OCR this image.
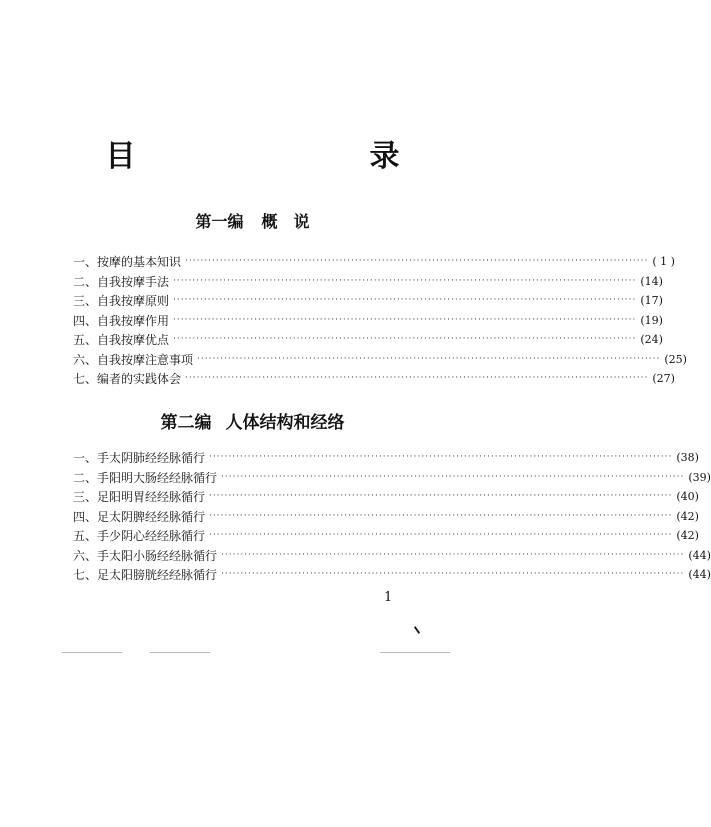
目　　录
第一编 概　说
一、按摩的基本知识 ························································································································ ( 1 )
二、自我按摩手法 ························································································································ (14)
三、自我按摩原则 ························································································································ (17)
四、自我按摩作用 ························································································································ (19)
五、自我按摩优点 ························································································································ (24)
六、自我按摩注意事项 ························································································································ (25)
七、编者的实践体会 ························································································································ (27)
第二编 人体结构和经络
一、手太阴肺经经脉循行 ························································································································ (38)
二、手阳明大肠经经脉循行 ························································································································ (39)
三、足阳明胃经经脉循行 ························································································································ (40)
四、足太阴脾经经脉循行 ························································································································ (42)
五、手少阴心经经脉循行 ························································································································ (42)
六、手太阳小肠经经脉循行 ························································································································ (44)
七、足太阳膀胱经经脉循行 ························································································································ (44)
1
